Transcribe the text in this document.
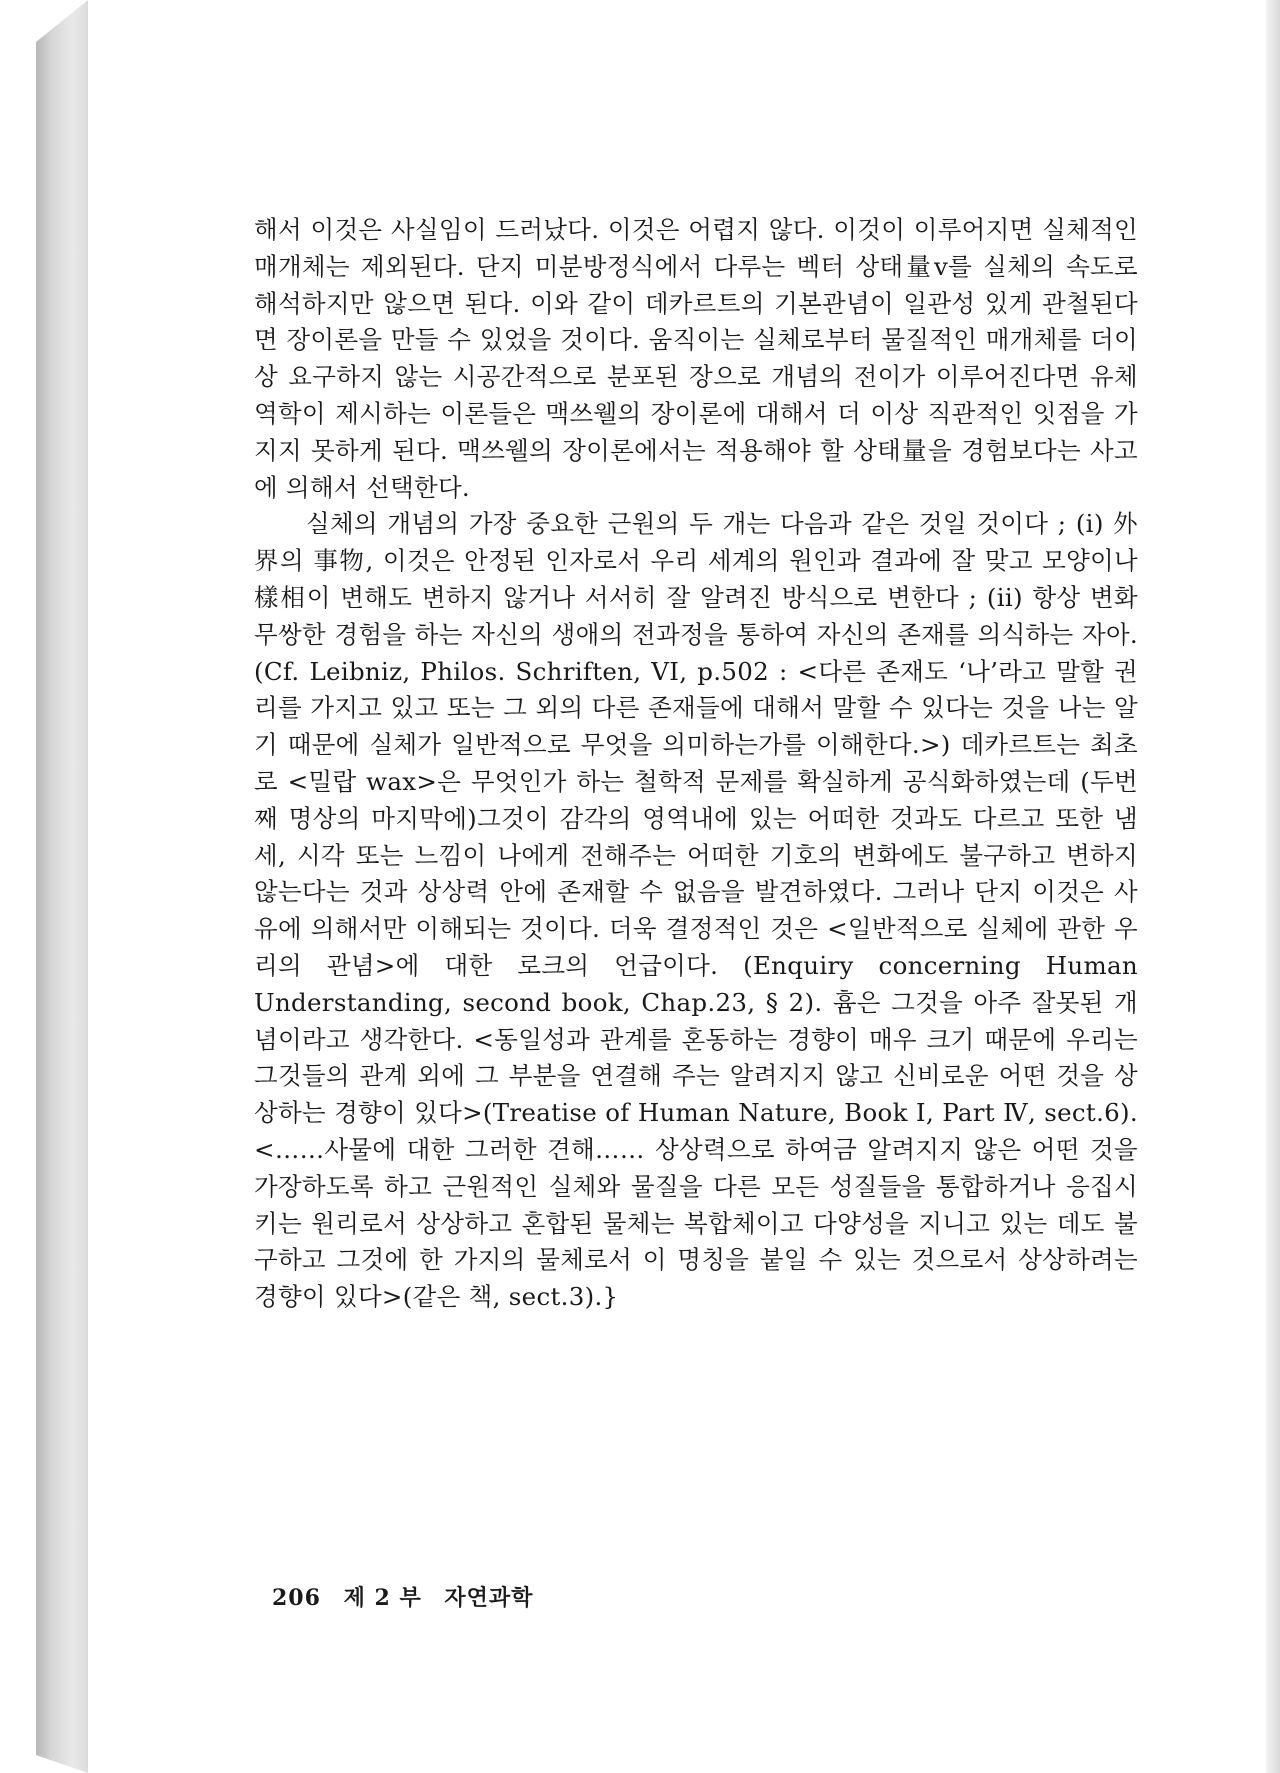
해서 이것은 사실임이 드러났다. 이것은 어렵지 않다. 이것이 이루어지면 실체적인 매개체는 제외된다. 단지 미분방정식에서 다루는 벡터 상태量v를 실체의 속도로 해석하지만 않으면 된다. 이와 같이 데카르트의 기본관념이 일관성 있게 관철된다면 장이론을 만들 수 있었을 것이다. 움직이는 실체로부터 물질적인 매개체를 더이상 요구하지 않는 시공간적으로 분포된 장으로 개념의 전이가 이루어진다면 유체역학이 제시하는 이론들은 맥쓰웰의 장이론에 대해서 더 이상 직관적인 잇점을 가지지 못하게 된다. 맥쓰웰의 장이론에서는 적용해야 할 상태量을 경험보다는 사고에 의해서 선택한다.

실체의 개념의 가장 중요한 근원의 두 개는 다음과 같은 것일 것이다 ; (i) 外界의 事物, 이것은 안정된 인자로서 우리 세계의 원인과 결과에 잘 맞고 모양이나 樣相이 변해도 변하지 않거나 서서히 잘 알려진 방식으로 변한다 ; (ii) 항상 변화무쌍한 경험을 하는 자신의 생애의 전과정을 통하여 자신의 존재를 의식하는 자아. (Cf. Leibniz, Philos. Schriften, VI, p.502 : <다른 존재도 ‘나’라고 말할 권리를 가지고 있고 또는 그 외의 다른 존재들에 대해서 말할 수 있다는 것을 나는 알기 때문에 실체가 일반적으로 무엇을 의미하는가를 이해한다.>) 데카르트는 최초로 <밀랍 wax>은 무엇인가 하는 철학적 문제를 확실하게 공식화하였는데 (두번째 명상의 마지막에)그것이 감각의 영역내에 있는 어떠한 것과도 다르고 또한 냄세, 시각 또는 느낌이 나에게 전해주는 어떠한 기호의 변화에도 불구하고 변하지 않는다는 것과 상상력 안에 존재할 수 없음을 발견하였다. 그러나 단지 이것은 사유에 의해서만 이해되는 것이다. 더욱 결정적인 것은 <일반적으로 실체에 관한 우리의 관념>에 대한 로크의 언급이다. (Enquiry concerning Human Understanding, second book, Chap.23, § 2). 흄은 그것을 아주 잘못된 개념이라고 생각한다. <동일성과 관계를 혼동하는 경향이 매우 크기 때문에 우리는 그것들의 관계 외에 그 부분을 연결해 주는 알려지지 않고 신비로운 어떤 것을 상상하는 경향이 있다>(Treatise of Human Nature, Book Ⅰ, Part Ⅳ, sect.6). <……사물에 대한 그러한 견해…… 상상력으로 하여금 알려지지 않은 어떤 것을 가장하도록 하고 근원적인 실체와 물질을 다른 모든 성질들을 통합하거나 응집시키는 원리로서 상상하고 혼합된 물체는 복합체이고 다양성을 지니고 있는 데도 불구하고 그것에 한 가지의 물체로서 이 명칭을 붙일 수 있는 것으로서 상상하려는 경향이 있다>(같은 책, sect.3).}

206 제 2 부 자연과학
